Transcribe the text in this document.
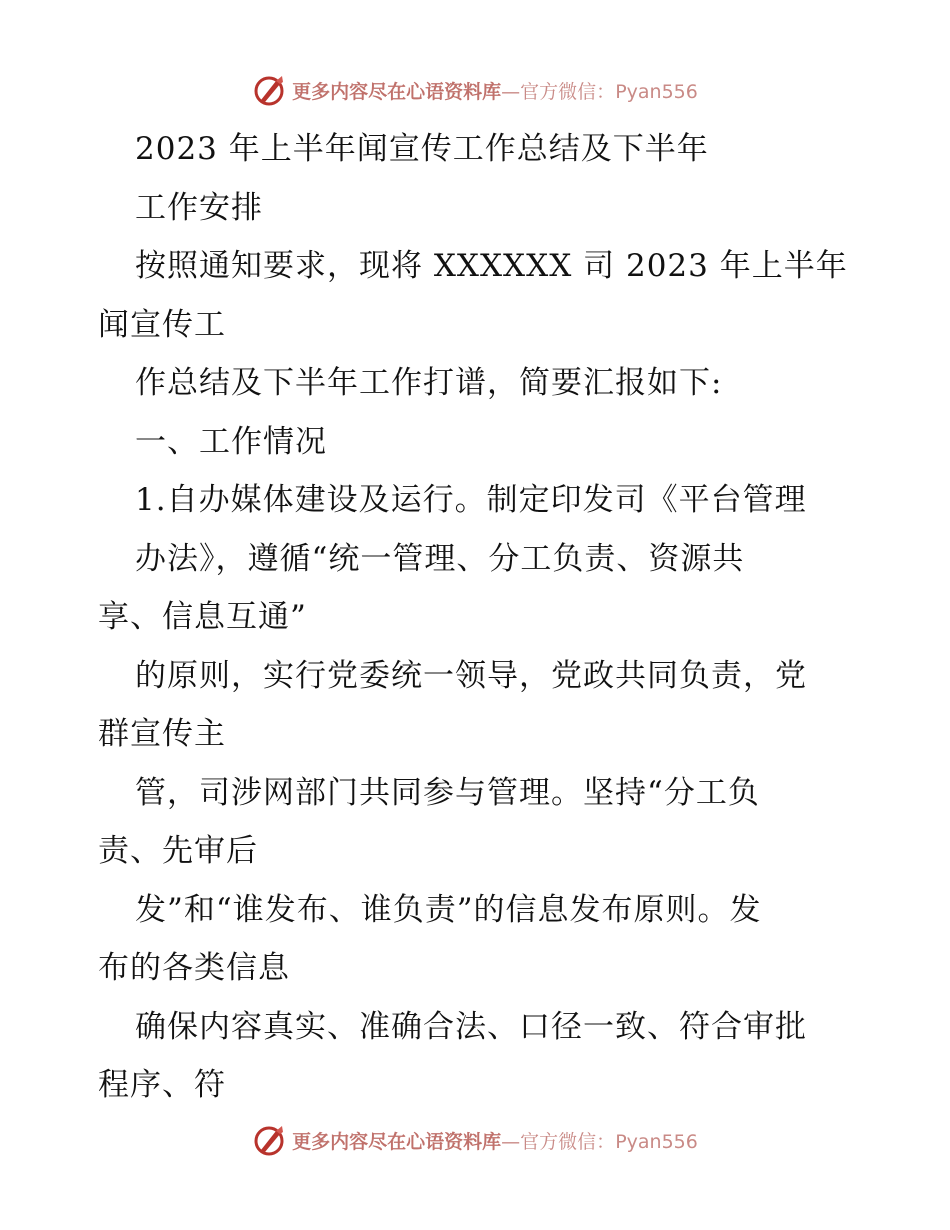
更多内容尽在心语资料库—官方微信：Pyan556
2023 年上半年闻宣传工作总结及下半年
工作安排
按照通知要求，现将 XXXXXX 司 2023 年上半年
闻宣传工
作总结及下半年工作打谱，简要汇报如下:
一、工作情况
1.自办媒体建设及运行。制定印发司《平台管理
办法》，遵循“统一管理、分工负责、资源共
享、信息互通”
的原则，实行党委统一领导，党政共同负责，党
群宣传主
管，司涉网部门共同参与管理。坚持“分工负
责、先审后
发”和“谁发布、谁负责”的信息发布原则。发
布的各类信息
确保内容真实、准确合法、口径一致、符合审批
程序、符
更多内容尽在心语资料库—官方微信：Pyan556
